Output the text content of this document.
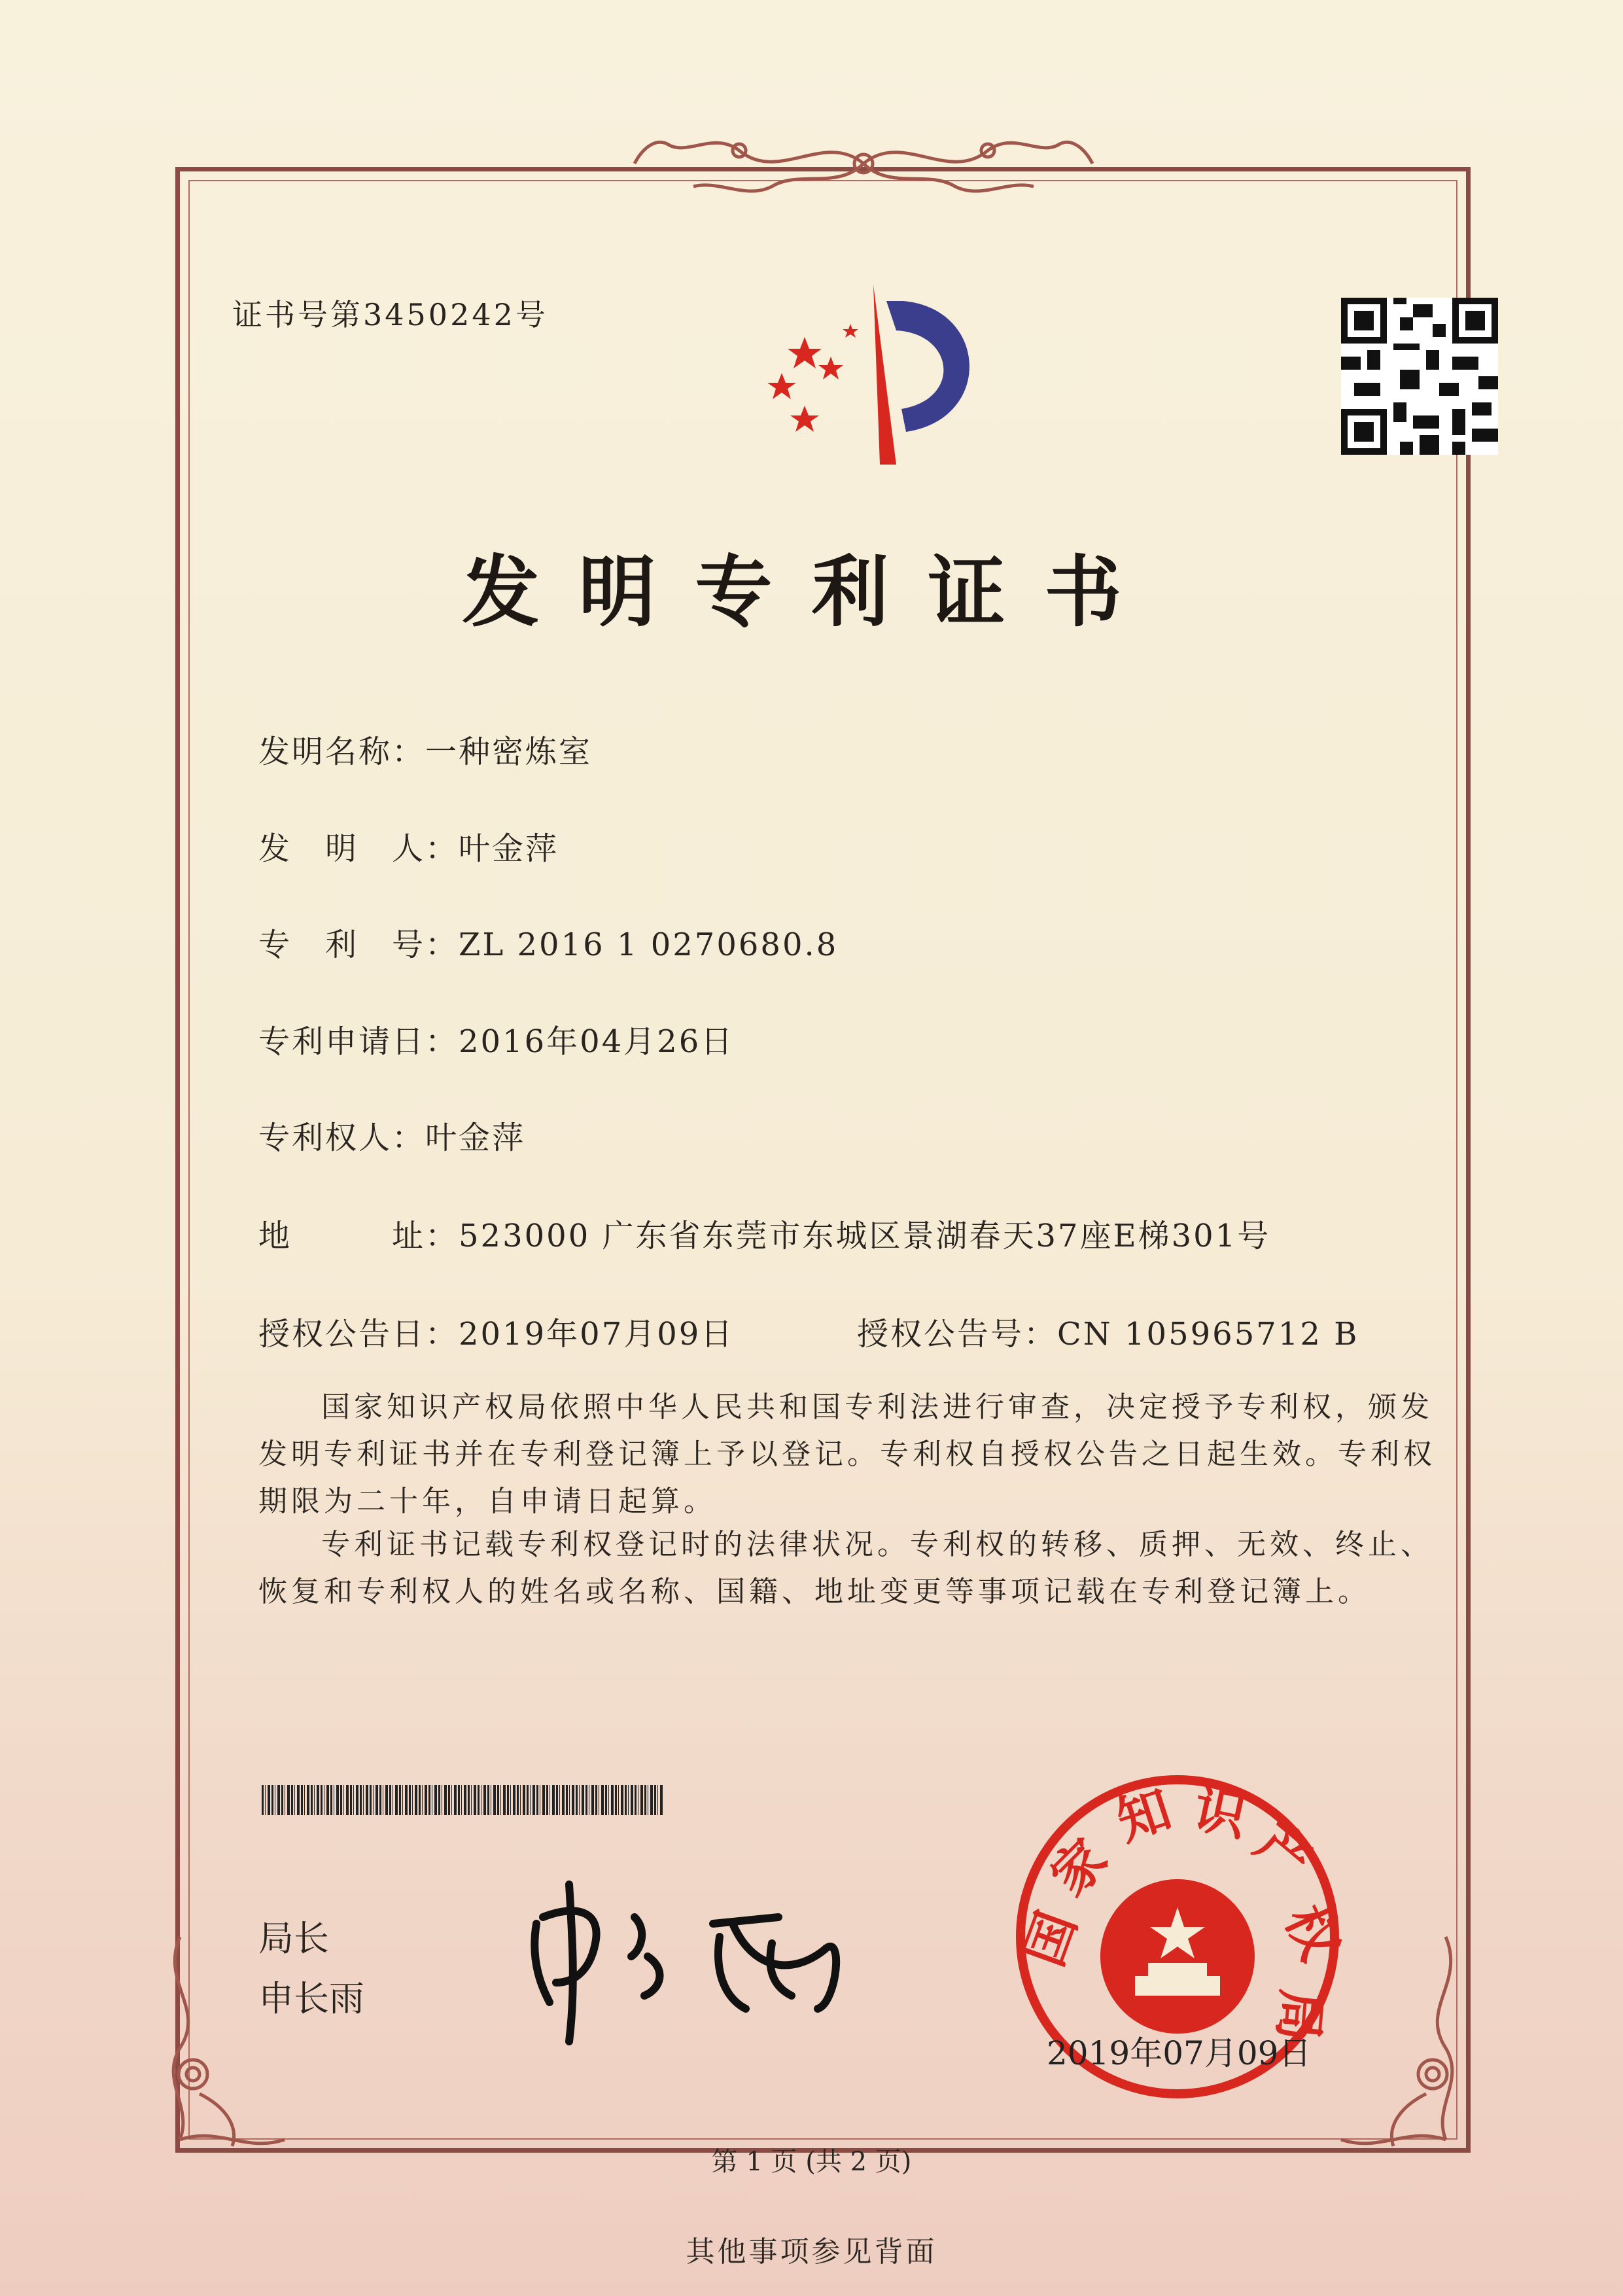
证书号第3450242号
发明专利证书
发明名称：一种密炼室
发　明　人：叶金萍
专　利　号：ZL 2016 1 0270680.8
专利申请日：2016年04月26日
专利权人：叶金萍
地　　　址：523000 广东省东莞市东城区景湖春天37座E梯301号
授权公告日：2019年07月09日	授权公告号：CN 105965712 B
国家知识产权局依照中华人民共和国专利法进行审查，决定授予专利权，颁发发明专利证书并在专利登记簿上予以登记。专利权自授权公告之日起生效。专利权期限为二十年，自申请日起算。
专利证书记载专利权登记时的法律状况。专利权的转移、质押、无效、终止、恢复和专利权人的姓名或名称、国籍、地址变更等事项记载在专利登记簿上。
局长
申长雨
国
家
知 识
产
权
局
2019年07月09日
第 1 页 (共 2 页)
其他事项参见背面
